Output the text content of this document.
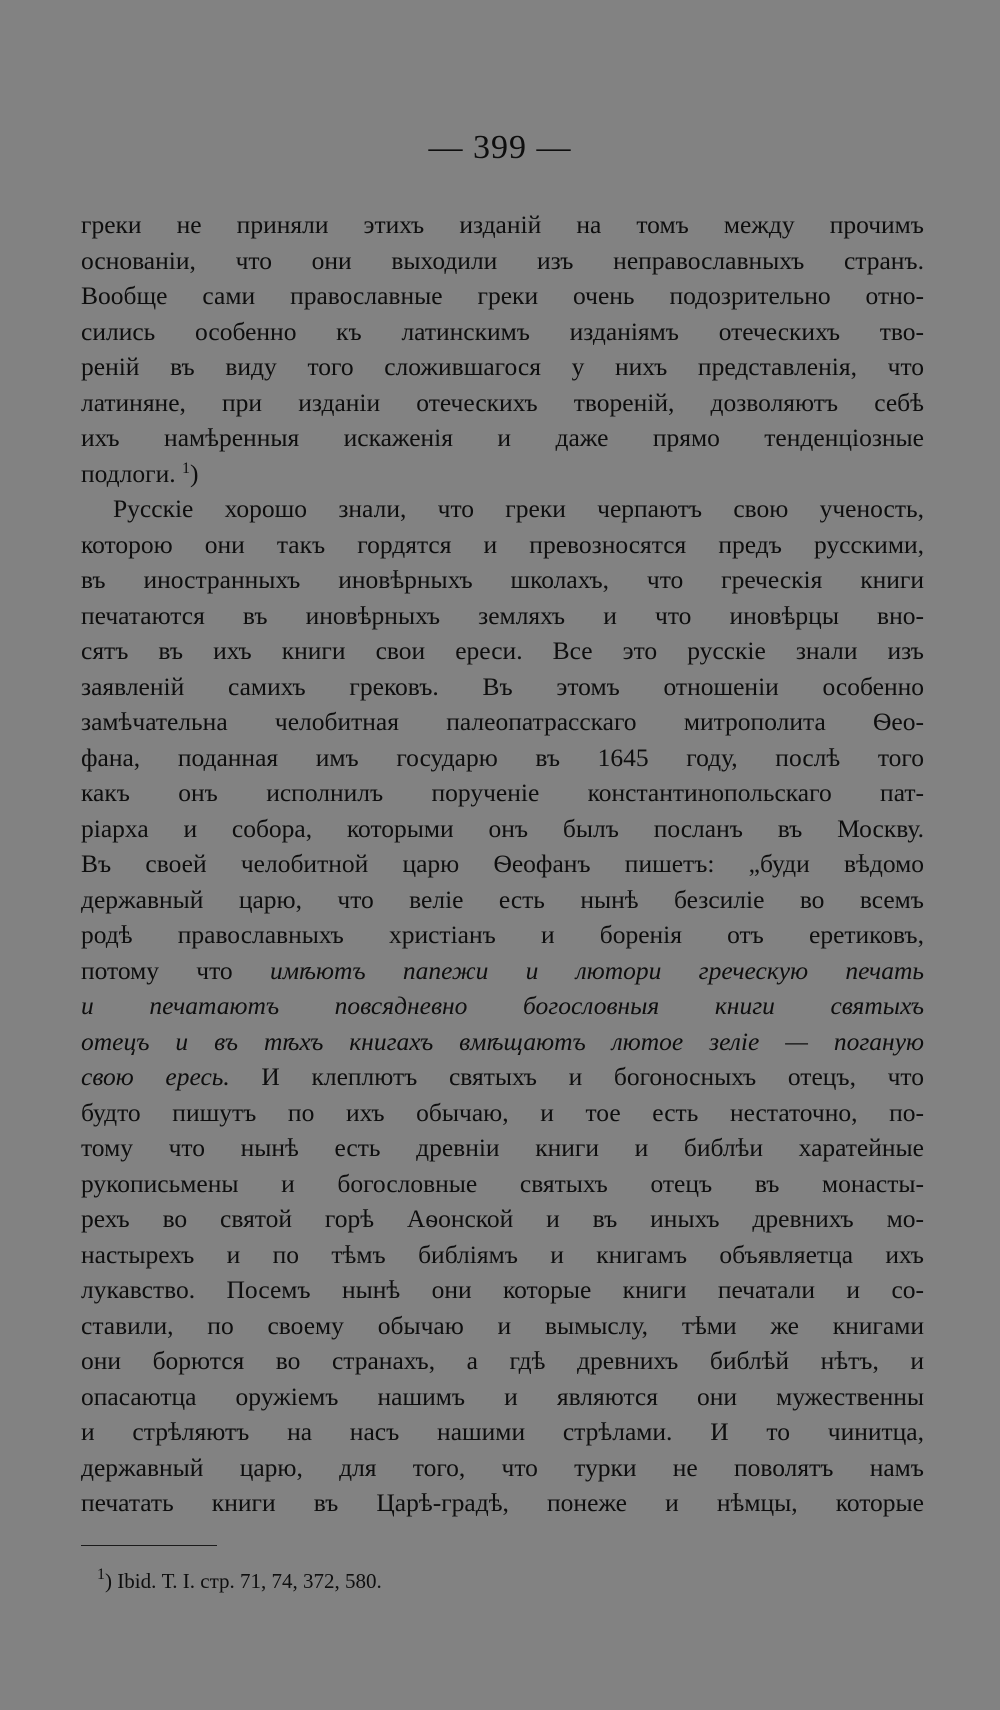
— 399 —
греки не приняли этихъ изданій на томъ между прочимъ
основаніи, что они выходили изъ неправославныхъ странъ.
Вообще сами православные греки очень подозрительно отно-
сились особенно къ латинскимъ изданіямъ отеческихъ тво-
реній въ виду того сложившагося у нихъ представленія, что
латиняне, при изданіи отеческихъ твореній, дозволяютъ себѣ
ихъ намѣренныя искаженія и даже прямо тенденціозные
подлоги. $^1$)
Русскіе хорошо знали, что греки черпаютъ свою ученость,
которою они такъ гордятся и превозносятся предъ русскими,
въ иностранныхъ иновѣрныхъ школахъ, что греческія книги
печатаются въ иновѣрныхъ земляхъ и что иновѣрцы вно-
сятъ въ ихъ книги свои ереси. Все это русскіе знали изъ
заявленій самихъ грековъ. Въ этомъ отношеніи особенно
замѣчательна челобитная палеопатрасскаго митрополита Ѳео-
фана, поданная имъ государю въ 1645 году, послѣ того
какъ онъ исполнилъ порученіе константинопольскаго пат-
ріарха и собора, которыми онъ былъ посланъ въ Москву.
Въ своей челобитной царю Ѳеофанъ пишетъ: „буди вѣдомо
державный царю, что веліе есть нынѣ безсиліе во всемъ
родѣ православныхъ христіанъ и боренія отъ еретиковъ,
потому что имѣютъ папежи и лютори греческую печать
и печатаютъ повсядневно богословныя книги святыхъ
отецъ и въ тѣхъ книгахъ вмѣщаютъ лютое зеліе — поганую
свою ересь. И клеплютъ святыхъ и богоносныхъ отецъ, что
будто пишутъ по ихъ обычаю, и тое есть нестаточно, по-
тому что нынѣ есть древніи книги и библѣи харатейные
рукописьмены и богословные святыхъ отецъ въ монасты-
рехъ во святой горѣ Аѳонской и въ иныхъ древнихъ мо-
настырехъ и по тѣмъ библіямъ и книгамъ объявляетца ихъ
лукавство. Посемъ нынѣ они которые книги печатали и со-
ставили, по своему обычаю и вымыслу, тѣми же книгами
они борются во странахъ, а гдѣ древнихъ библѣй нѣтъ, и
опасаютца оружіемъ нашимъ и являются они мужественны
и стрѣляютъ на насъ нашими стрѣлами. И то чинитца,
державный царю, для того, что турки не поволятъ намъ
печатать книги въ Царѣ-градѣ, понеже и нѣмцы, которые
$^1$) Ibid. Т. I. стр. 71, 74, 372, 580.
